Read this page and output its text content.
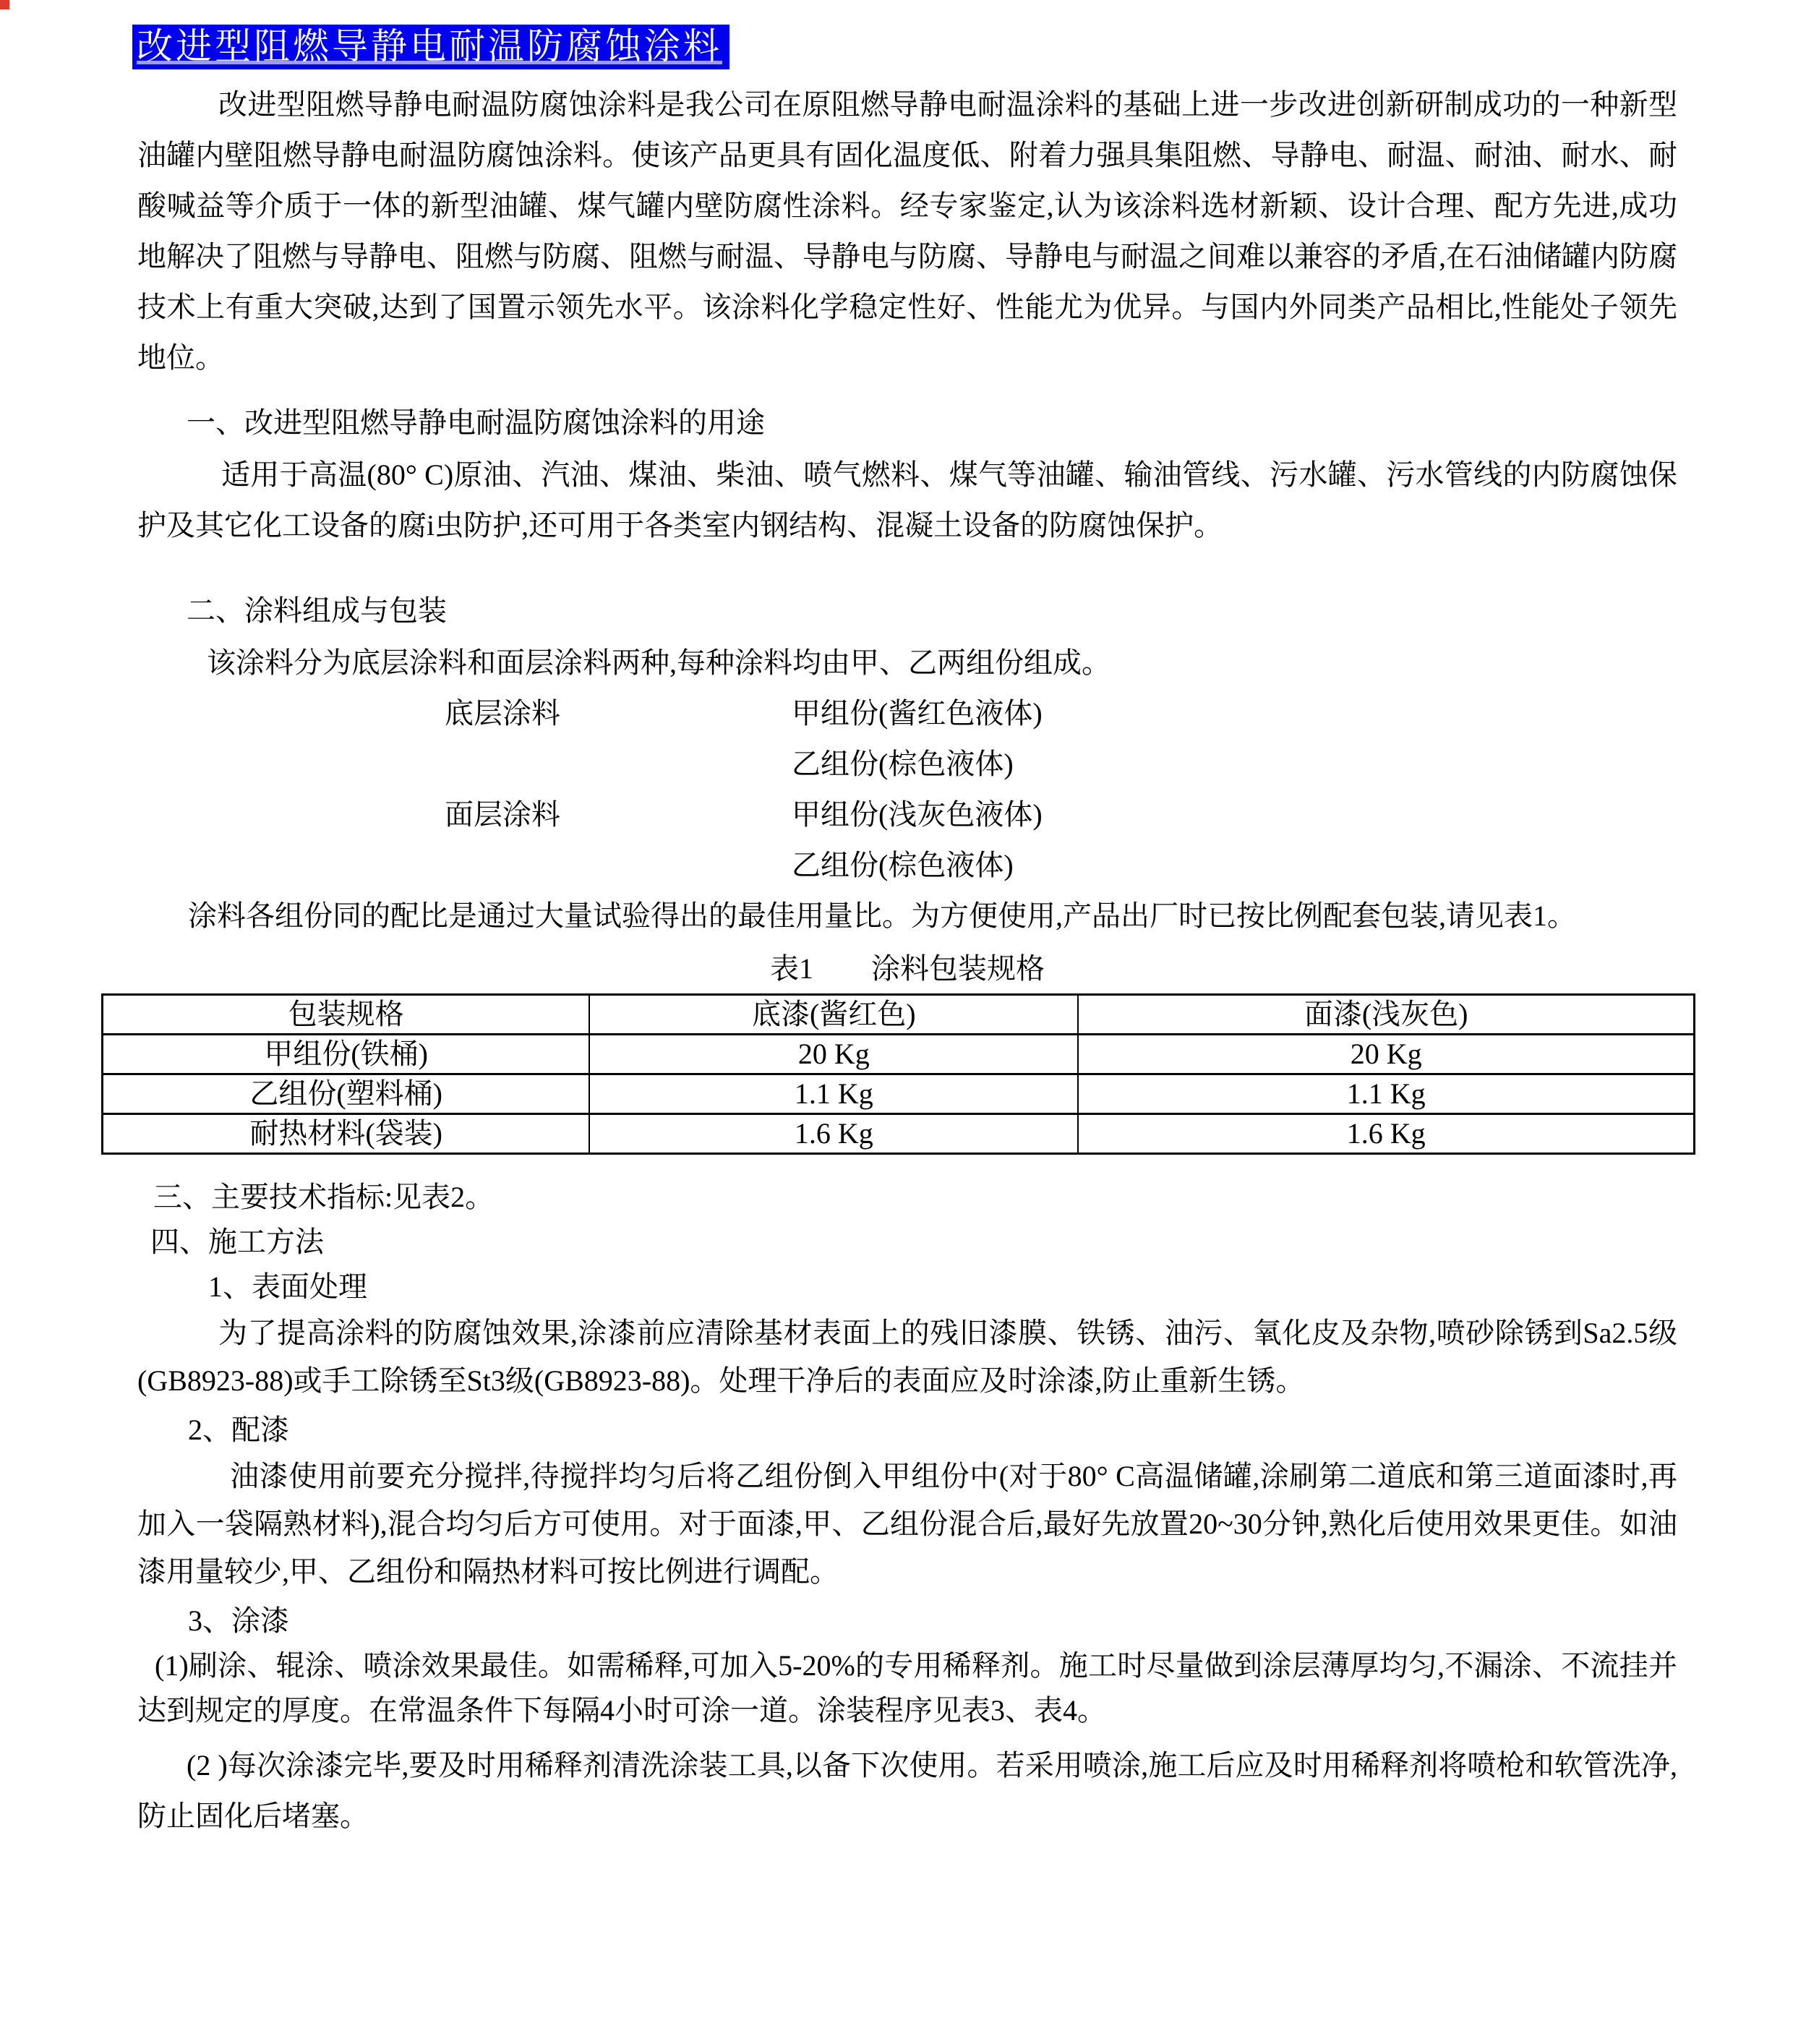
改进型阻燃导静电耐温防腐蚀涂料

改进型阻燃导静电耐温防腐蚀涂料是我公司在原阻燃导静电耐温涂料的基础上进一步改进创新研制成功的一种新型油罐内壁阻燃导静电耐温防腐蚀涂料。使该产品更具有固化温度低、附着力强具集阻燃、导静电、耐温、耐油、耐水、耐酸喊益等介质于一体的新型油罐、煤气罐内壁防腐性涂料。经专家鉴定,认为该涂料选材新颖、设计合理、配方先进,成功地解决了阻燃与导静电、阻燃与防腐、阻燃与耐温、导静电与防腐、导静电与耐温之间难以兼容的矛盾,在石油储罐内防腐技术上有重大突破,达到了国置示领先水平。该涂料化学稳定性好、性能尤为优异。与国内外同类产品相比,性能处子领先地位。

一、改进型阻燃导静电耐温防腐蚀涂料的用途

适用于高温(80° C)原油、汽油、煤油、柴油、喷气燃料、煤气等油罐、输油管线、污水罐、污水管线的内防腐蚀保护及其它化工设备的腐i虫防护,还可用于各类室内钢结构、混凝土设备的防腐蚀保护。

二、涂料组成与包装

该涂料分为底层涂料和面层涂料两种,每种涂料均由甲、乙两组份组成。

底层涂料	甲组份(酱红色液体)
乙组份(棕色液体)
面层涂料	甲组份(浅灰色液体)
乙组份(棕色液体)

涂料各组份同的配比是通过大量试验得出的最佳用量比。为方便使用,产品出厂时已按比例配套包装,请见表1。

表1　　涂料包装规格

包装规格	底漆(酱红色)	面漆(浅灰色)
甲组份(铁桶)	20 Kg	20 Kg
乙组份(塑料桶)	1.1 Kg	1.1 Kg
耐热材料(袋装)	1.6 Kg	1.6 Kg

三、主要技术指标:见表2。

四、施工方法

1、表面处理

为了提高涂料的防腐蚀效果,涂漆前应清除基材表面上的残旧漆膜、铁锈、油污、氧化皮及杂物,喷砂除锈到Sa2.5级(GB8923-88)或手工除锈至St3级(GB8923-88)。处理干净后的表面应及时涂漆,防止重新生锈。

2、配漆

油漆使用前要充分搅拌,待搅拌均匀后将乙组份倒入甲组份中(对于80° C高温储罐,涂刷第二道底和第三道面漆时,再加入一袋隔熟材料),混合均匀后方可使用。对于面漆,甲、乙组份混合后,最好先放置20~30分钟,熟化后使用效果更佳。如油漆用量较少,甲、乙组份和隔热材料可按比例进行调配。

3、涂漆

(1)刷涂、辊涂、喷涂效果最佳。如需稀释,可加入5-20%的专用稀释剂。施工时尽量做到涂层薄厚均匀,不漏涂、不流挂并达到规定的厚度。在常温条件下每隔4小时可涂一道。涂装程序见表3、表4。

(2 )每次涂漆完毕,要及时用稀释剂清洗涂装工具,以备下次使用。若采用喷涂,施工后应及时用稀释剂将喷枪和软管洗净,防止固化后堵塞。
